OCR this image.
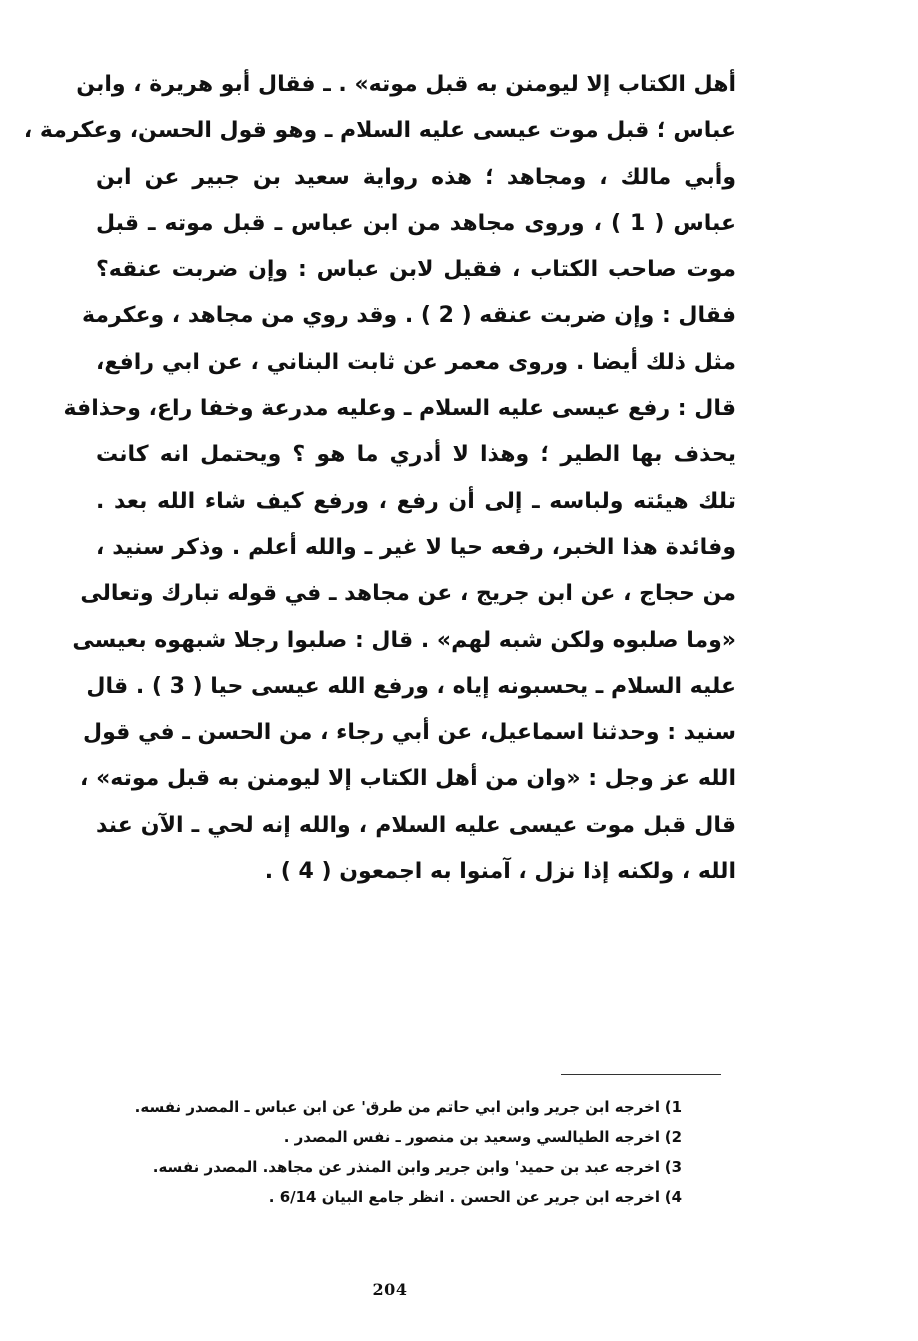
أهل الكتاب إلا ليومنن به قبل موته» . ـ فقال أبو هريرة ، وابن
عباس ؛ قبل موت عيسى عليه السلام ـ وهو قول الحسن، وعكرمة ،
وأبي مالك ، ومجاهد ؛ هذه رواية سعيد بن جبير عن ابن
عباس ( 1 ) ، وروى مجاهد من ابن عباس ـ قبل موته ـ قبل
موت صاحب الكتاب ، فقيل لابن عباس : وإن ضربت عنقه؟
فقال : وإن ضربت عنقه ( 2 ) . وقد روي من مجاهد ، وعكرمة
مثل ذلك أيضا . وروى معمر عن ثابت البناني ، عن ابي رافع،
قال : رفع عيسى عليه السلام ـ وعليه مدرعة وخفا راع، وحذافة
يحذف بها الطير ؛ وهذا لا أدري ما هو ؟ ويحتمل انه كانت
تلك هيئته ولباسه ـ إلى أن رفع ، ورفع كيف شاء الله بعد .
وفائدة هذا الخبر، رفعه حيا لا غير ـ والله أعلم . وذكر سنيد ،
من حجاج ، عن ابن جريج ، عن مجاهد ـ في قوله تبارك وتعالى
«وما صلبوه ولكن شبه لهم» . قال : صلبوا رجلا شبهوه بعيسى
عليه السلام ـ يحسبونه إياه ، ورفع الله عيسى حيا ( 3 ) . قال
سنيد : وحدثنا اسماعيل، عن أبي رجاء ، من الحسن ـ في قول
الله عز وجل : «وان من أهل الكتاب إلا ليومنن به قبل موته» ،
قال قبل موت عيسى عليه السلام ، والله إنه لحي ـ الآن عند
الله ، ولكنه إذا نزل ، آمنوا به اجمعون ( 4 ) .
1)
اخرجه ابن جرير وابن ابي حاتم من طرق' عن ابن عباس ـ المصدر نفسه.
2)
اخرجه الطيالسي وسعيد بن منصور ـ نفس المصدر .
3)
اخرجه عبد بن حميد' وابن جرير وابن المنذر عن مجاهد. المصدر نفسه.
4)
اخرجه ابن جرير عن الحسن . انظر جامع البيان 6/14 .
204
